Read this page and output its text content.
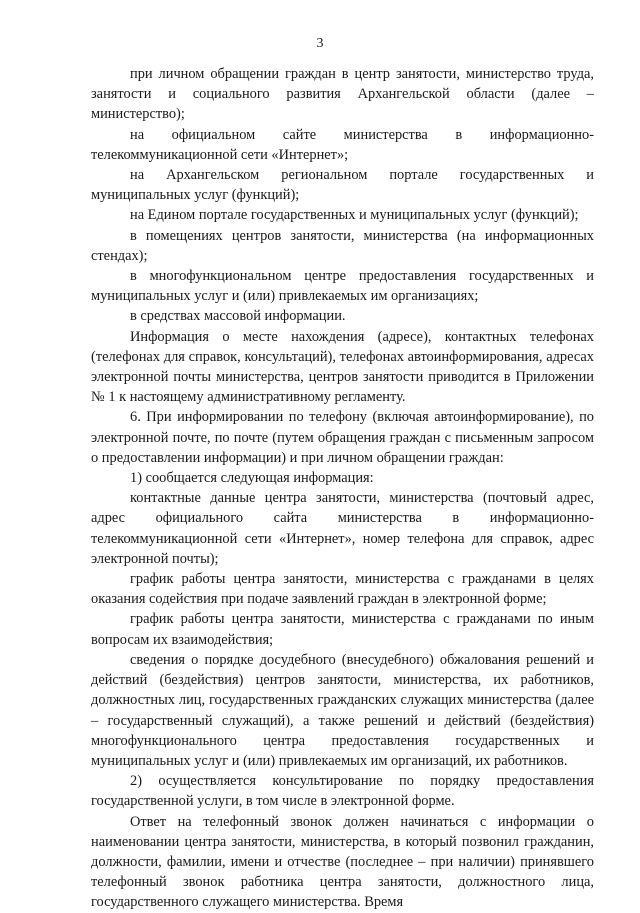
3

при личном обращении граждан в центр занятости, министерство труда, занятости и социального развития Архангельской области (далее – министерство);

на официальном сайте министерства в информационно-телекоммуникационной сети «Интернет»;

на Архангельском региональном портале государственных и муниципальных услуг (функций);

на Едином портале государственных и муниципальных услуг (функций);

в помещениях центров занятости, министерства (на информационных стендах);

в многофункциональном центре предоставления государственных и муниципальных услуг и (или) привлекаемых им организациях;

в средствах массовой информации.

Информация о месте нахождения (адресе), контактных телефонах (телефонах для справок, консультаций), телефонах автоинформирования, адресах электронной почты министерства, центров занятости приводится в Приложении № 1 к настоящему административному регламенту.

6. При информировании по телефону (включая автоинформирование), по электронной почте, по почте (путем обращения граждан с письменным запросом о предоставлении информации) и при личном обращении граждан:

1) сообщается следующая информация:

контактные данные центра занятости, министерства (почтовый адрес, адрес официального сайта министерства в информационно-телекоммуникационной сети «Интернет», номер телефона для справок, адрес электронной почты);

график работы центра занятости, министерства с гражданами в целях оказания содействия при подаче заявлений граждан в электронной форме;

график работы центра занятости, министерства с гражданами по иным вопросам их взаимодействия;

сведения о порядке досудебного (внесудебного) обжалования решений и действий (бездействия) центров занятости, министерства, их работников, должностных лиц, государственных гражданских служащих министерства (далее – государственный служащий), а также решений и действий (бездействия) многофункционального центра предоставления государственных и муниципальных услуг и (или) привлекаемых им организаций, их работников.

2) осуществляется консультирование по порядку предоставления государственной услуги, в том числе в электронной форме.

Ответ на телефонный звонок должен начинаться с информации о наименовании центра занятости, министерства, в который позвонил гражданин, должности, фамилии, имени и отчестве (последнее – при наличии) принявшего телефонный звонок работника центра занятости, должностного лица, государственного служащего министерства. Время
